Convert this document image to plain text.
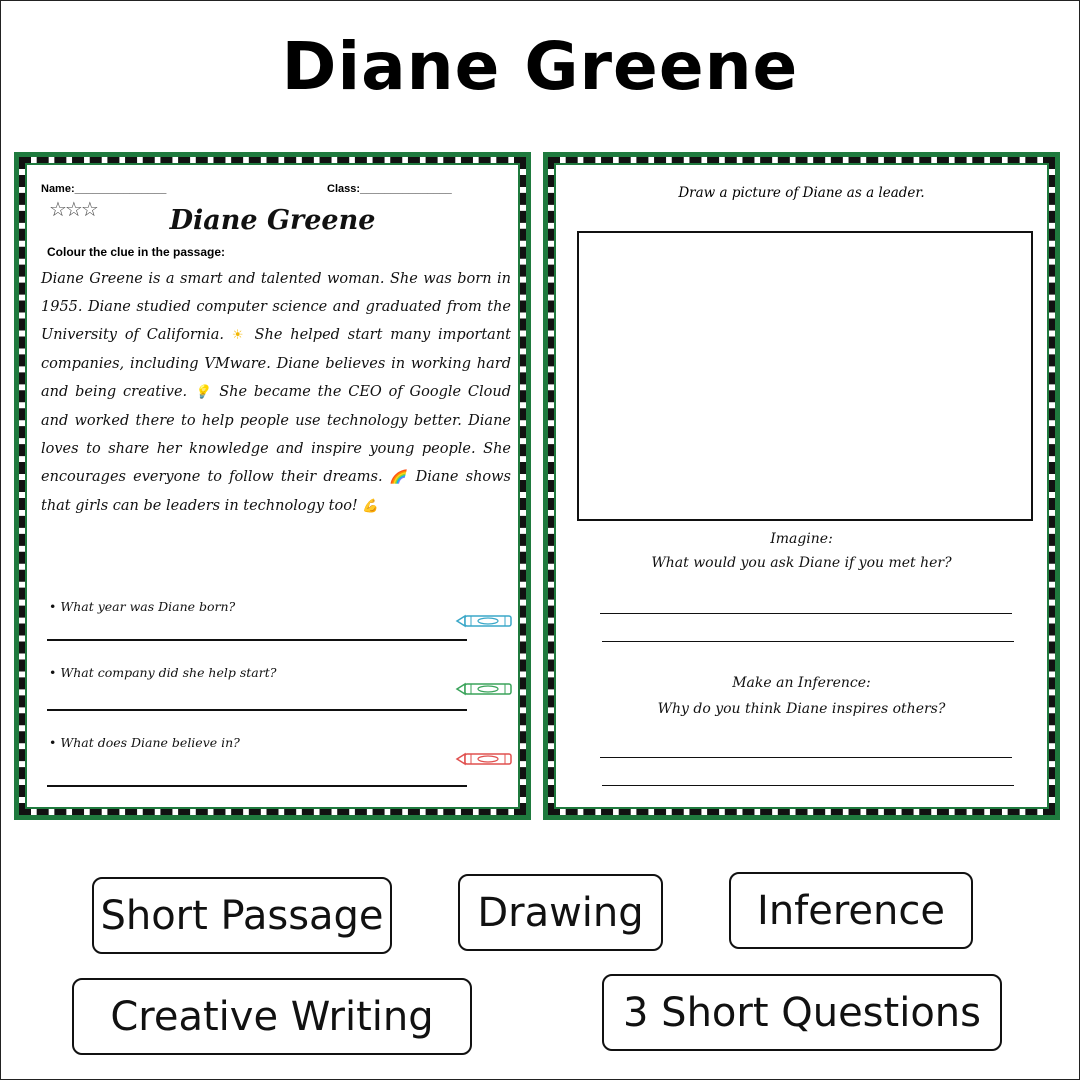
Diane Greene
Name:_______________	Class:_______________
☆☆☆	Diane Greene
Colour the clue in the passage:
Diane Greene is a smart and talented woman. She was born in 1955. Diane studied computer science and graduated from the University of California. ☀ She helped start many important companies, including VMware. Diane believes in working hard and being creative. 💡 She became the CEO of Google Cloud and worked there to help people use technology better. Diane loves to share her knowledge and inspire young people. She encourages everyone to follow their dreams. 🌈 Diane shows that girls can be leaders in technology too! 💪
• What year was Diane born?
• What company did she help start?
• What does Diane believe in?
Draw a picture of Diane as a leader.
Imagine:
What would you ask Diane if you met her?
Make an Inference:
Why do you think Diane inspires others?
Short Passage	Drawing	Inference
Creative Writing	3 Short Questions
